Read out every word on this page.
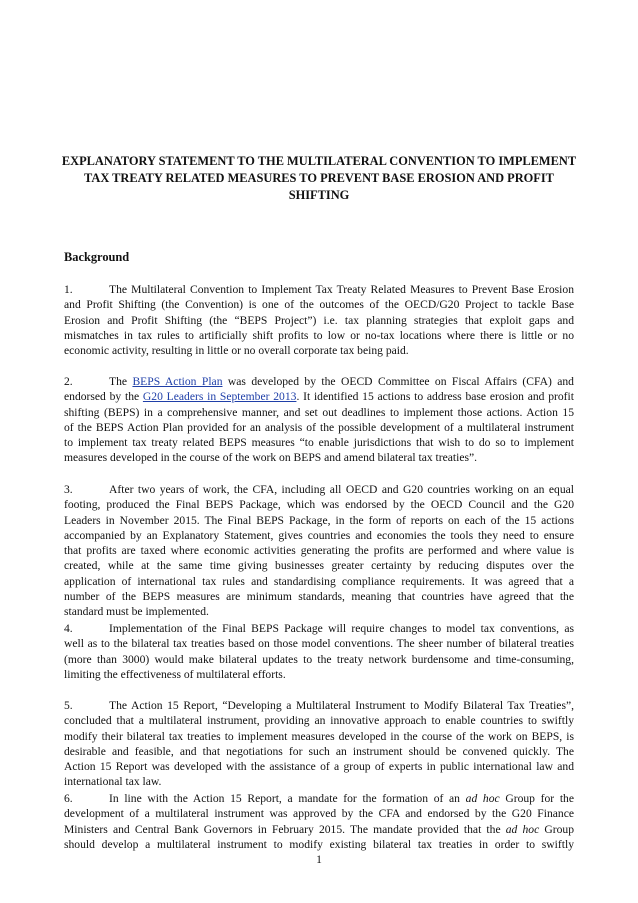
EXPLANATORY STATEMENT TO THE MULTILATERAL CONVENTION TO IMPLEMENT
TAX TREATY RELATED MEASURES TO PREVENT BASE EROSION AND PROFIT
SHIFTING
Background
1.	The Multilateral Convention to Implement Tax Treaty Related Measures to Prevent Base Erosion
and Profit Shifting (the Convention) is one of the outcomes of the OECD/G20 Project to tackle Base
Erosion and Profit Shifting (the “BEPS Project”) i.e. tax planning strategies that exploit gaps and
mismatches in tax rules to artificially shift profits to low or no-tax locations where there is little or no
economic activity, resulting in little or no overall corporate tax being paid.
2.	The BEPS Action Plan was developed by the OECD Committee on Fiscal Affairs (CFA) and
endorsed by the G20 Leaders in September 2013. It identified 15 actions to address base erosion and profit
shifting (BEPS) in a comprehensive manner, and set out deadlines to implement those actions. Action 15
of the BEPS Action Plan provided for an analysis of the possible development of a multilateral instrument
to implement tax treaty related BEPS measures “to enable jurisdictions that wish to do so to implement
measures developed in the course of the work on BEPS and amend bilateral tax treaties”.
3.	After two years of work, the CFA, including all OECD and G20 countries working on an equal
footing, produced the Final BEPS Package, which was endorsed by the OECD Council and the G20
Leaders in November 2015. The Final BEPS Package, in the form of reports on each of the 15 actions
accompanied by an Explanatory Statement, gives countries and economies the tools they need to ensure
that profits are taxed where economic activities generating the profits are performed and where value is
created, while at the same time giving businesses greater certainty by reducing disputes over the
application of international tax rules and standardising compliance requirements. It was agreed that a
number of the BEPS measures are minimum standards, meaning that countries have agreed that the
standard must be implemented.
4.	Implementation of the Final BEPS Package will require changes to model tax conventions, as
well as to the bilateral tax treaties based on those model conventions. The sheer number of bilateral treaties
(more than 3000) would make bilateral updates to the treaty network burdensome and time-consuming,
limiting the effectiveness of multilateral efforts.
5.	The Action 15 Report, “Developing a Multilateral Instrument to Modify Bilateral Tax Treaties”,
concluded that a multilateral instrument, providing an innovative approach to enable countries to swiftly
modify their bilateral tax treaties to implement measures developed in the course of the work on BEPS, is
desirable and feasible, and that negotiations for such an instrument should be convened quickly. The
Action 15 Report was developed with the assistance of a group of experts in public international law and
international tax law.
6.	In line with the Action 15 Report, a mandate for the formation of an ad hoc Group for the
development of a multilateral instrument was approved by the CFA and endorsed by the G20 Finance
Ministers and Central Bank Governors in February 2015. The mandate provided that the ad hoc Group
should develop a multilateral instrument to modify existing bilateral tax treaties in order to swiftly
1
